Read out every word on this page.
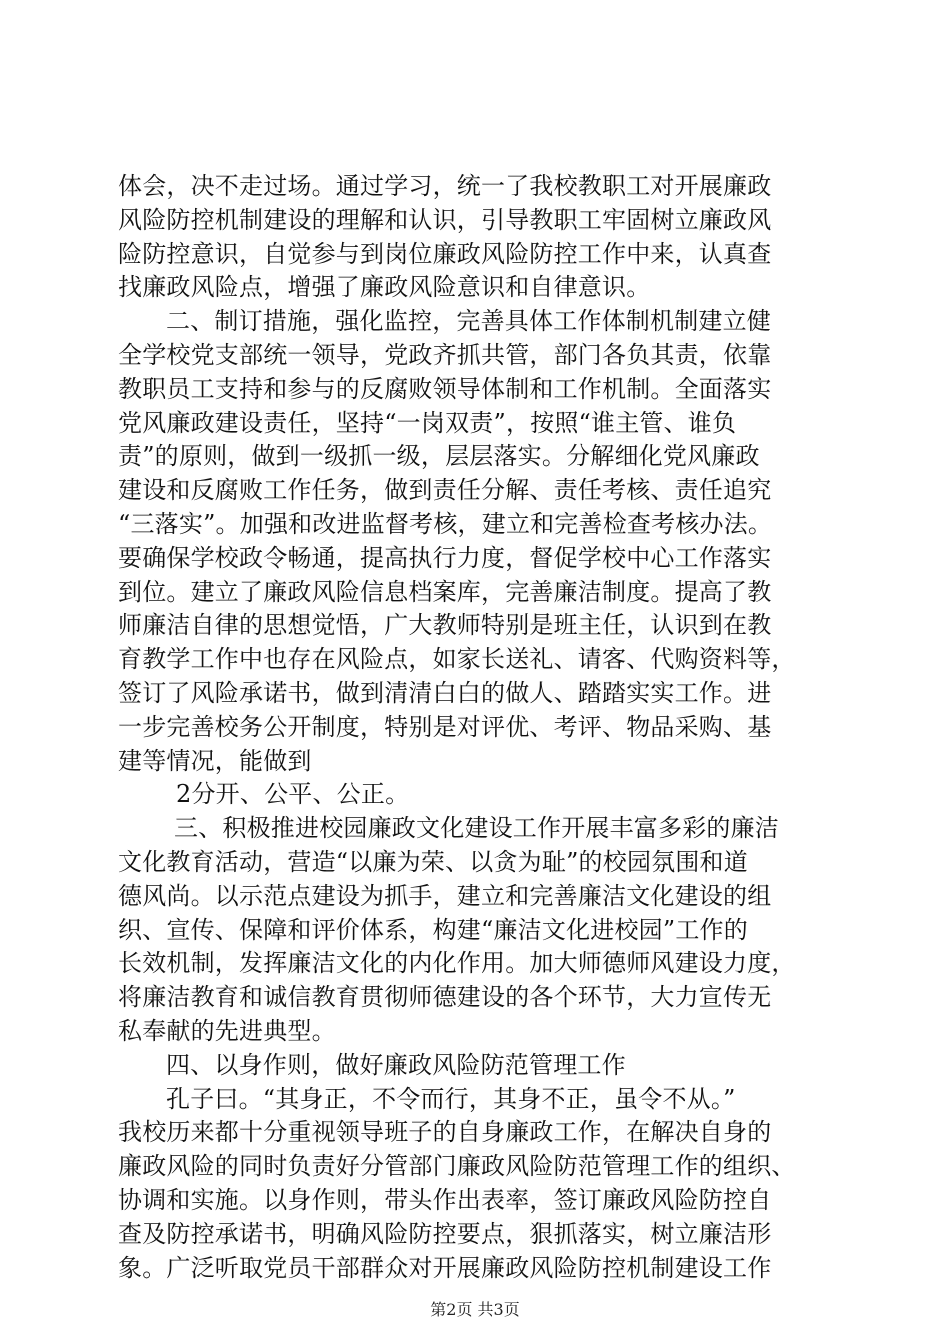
体会，决不走过场。通过学习，统一了我校教职工对开展廉政
风险防控机制建设的理解和认识，引导教职工牢固树立廉政风
险防控意识，自觉参与到岗位廉政风险防控工作中来，认真查
找廉政风险点，增强了廉政风险意识和自律意识。
二、制订措施，强化监控，完善具体工作体制机制建立健
全学校党支部统一领导，党政齐抓共管，部门各负其责，依靠
教职员工支持和参与的反腐败领导体制和工作机制。全面落实
党风廉政建设责任，坚持“一岗双责”，按照“谁主管、谁负
责”的原则，做到一级抓一级，层层落实。分解细化党风廉政
建设和反腐败工作任务，做到责任分解、责任考核、责任追究
“三落实”。加强和改进监督考核，建立和完善检查考核办法。
要确保学校政令畅通，提高执行力度，督促学校中心工作落实
到位。建立了廉政风险信息档案库，完善廉洁制度。提高了教
师廉洁自律的思想觉悟，广大教师特别是班主任，认识到在教
育教学工作中也存在风险点，如家长送礼、请客、代购资料等，
签订了风险承诺书，做到清清白白的做人、踏踏实实工作。进
一步完善校务公开制度，特别是对评优、考评、物品采购、基
建等情况，能做到
2分开、公平、公正。
三、积极推进校园廉政文化建设工作开展丰富多彩的廉洁
文化教育活动，营造“以廉为荣、以贪为耻”的校园氛围和道
德风尚。以示范点建设为抓手，建立和完善廉洁文化建设的组
织、宣传、保障和评价体系，构建“廉洁文化进校园”工作的
长效机制，发挥廉洁文化的内化作用。加大师德师风建设力度，
将廉洁教育和诚信教育贯彻师德建设的各个环节，大力宣传无
私奉献的先进典型。
四、以身作则，做好廉政风险防范管理工作
孔子曰。“其身正，不令而行，其身不正，虽令不从。”
我校历来都十分重视领导班子的自身廉政工作，在解决自身的
廉政风险的同时负责好分管部门廉政风险防范管理工作的组织、
协调和实施。以身作则，带头作出表率，签订廉政风险防控自
查及防控承诺书，明确风险防控要点，狠抓落实，树立廉洁形
象。广泛听取党员干部群众对开展廉政风险防控机制建设工作
第2页 共3页
